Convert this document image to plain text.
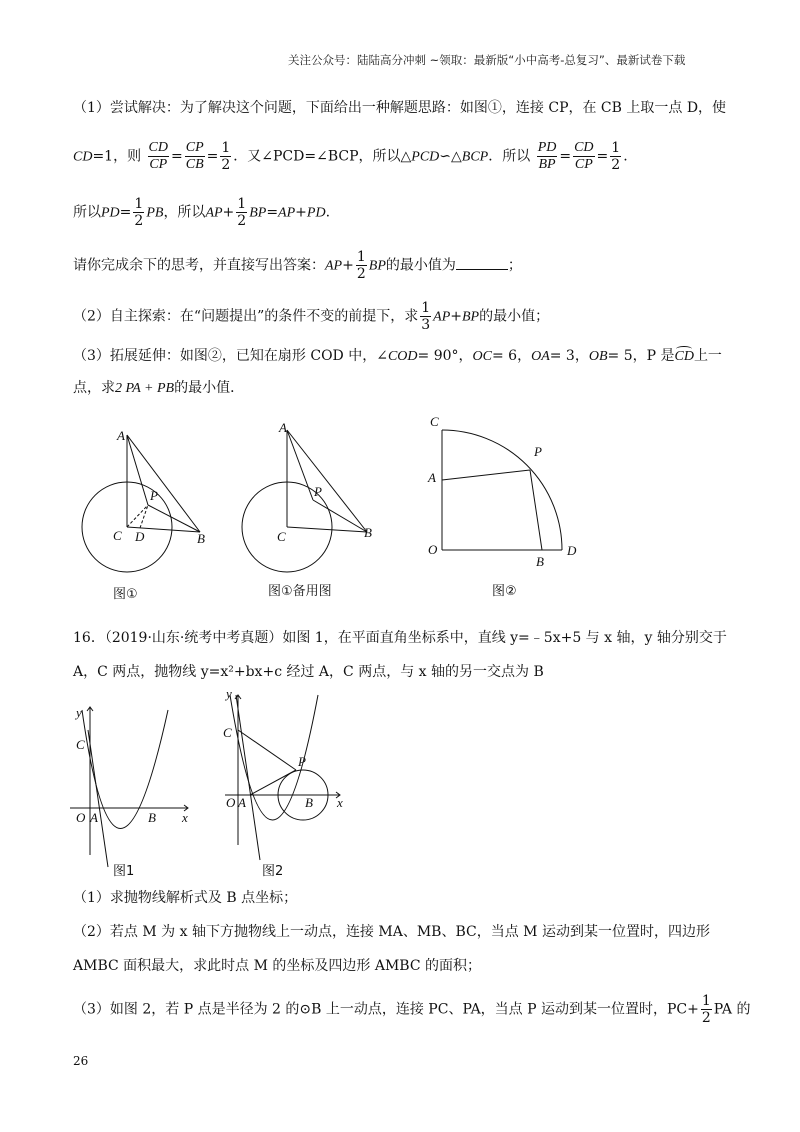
关注公众号：陆陆高分冲刺 ~领取：最新版“小中高考-总复习”、最新试卷下载
（1）尝试解决：为了解决这个问题，下面给出一种解题思路：如图①，连接 CP，在 CB 上取一点 D，使
CD=1，则 $\frac{CD}{CP} = \frac{CP}{CB} = \frac{1}{2}$ ．又∠PCD=∠BCP，所以△PCD∽△BCP．所以 $\frac{PD}{BP} = \frac{CD}{CP} = \frac{1}{2}$ .
所以$PD= \frac{1}{2}$ PB，所以$AP+ \frac{1}{2} BP=AP+PD$.
请你完成余下的思考，并直接写出答案：$AP+ \frac{1}{2}$ BP的最小值为	；
（2）自主探索：在“问题提出”的条件不变的前提下，求 $\frac{1}{3} AP+BP$的最小值；
（3）拓展延伸：如图②，已知在扇形 COD 中，∠COD= 90°，OC= 6，OA= 3，OB= 5，P 是CD
上一
点，求2 PA + PB的最小值．
A
P
C D	B
A
P
C	B
C
P
A
O
B
D
图①	图①备用图	图②
16．（2019·山东·统考中考真题）如图 1，在平面直角坐标系中，直线 y=﹣5x+5 与 x 轴，y 轴分别交于
A，C 两点，抛物线 y=x²+bx+c 经过 A，C 两点，与 x 轴的另一交点为 B
y
C
O A	B x
y
C
P
O A	B x
图1	图2
（1）求抛物线解析式及 B 点坐标；
（2）若点 M 为 x 轴下方抛物线上一动点，连接 MA、MB、BC，当点 M 运动到某一位置时，四边形
AMBC 面积最大，求此时点 M 的坐标及四边形 AMBC 的面积；
（3）如图 2，若 P 点是半径为 2 的⊙B 上一动点，连接 PC、PA，当点 P 运动到某一位置时，$PC+ \frac{1}{2}$ PA 的
26
